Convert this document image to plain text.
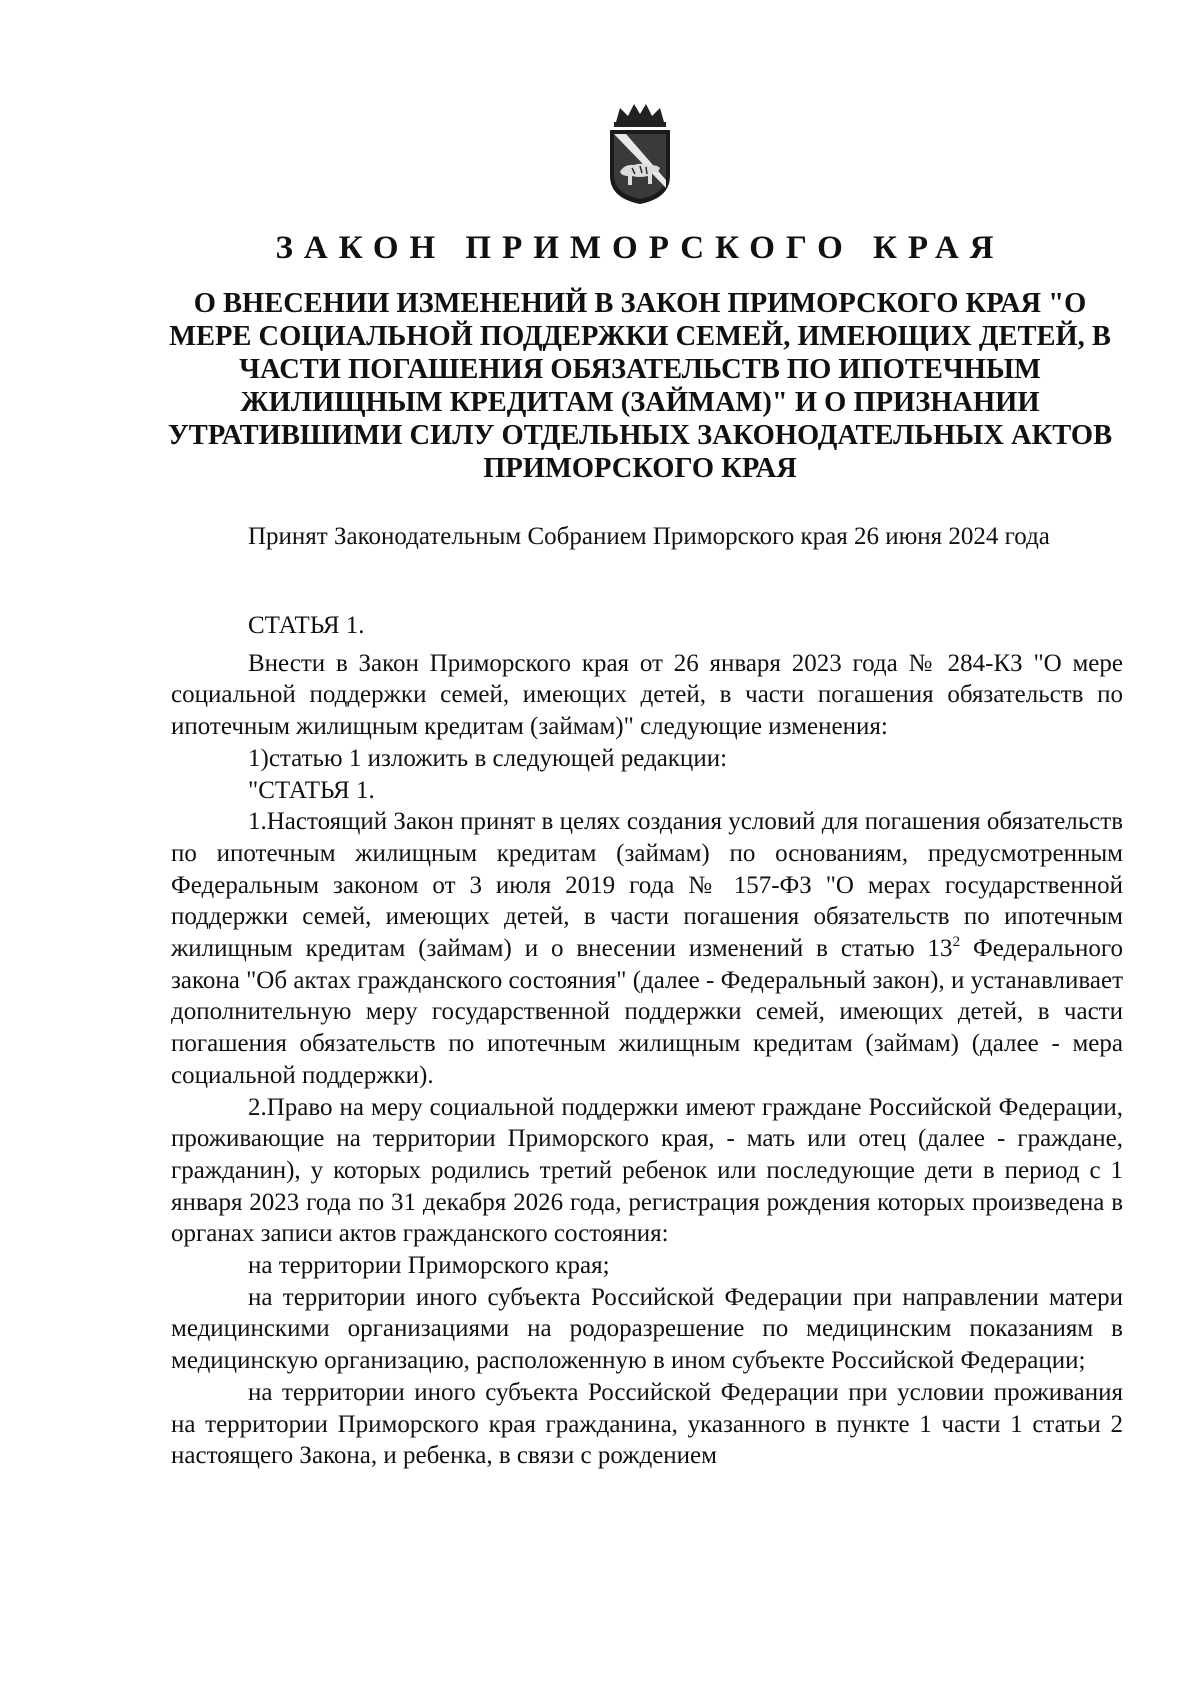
ЗАКОН ПРИМОРСКОГО КРАЯ

О ВНЕСЕНИИ ИЗМЕНЕНИЙ В ЗАКОН ПРИМОРСКОГО КРАЯ "О МЕРЕ СОЦИАЛЬНОЙ ПОДДЕРЖКИ СЕМЕЙ, ИМЕЮЩИХ ДЕТЕЙ, В ЧАСТИ ПОГАШЕНИЯ ОБЯЗАТЕЛЬСТВ ПО ИПОТЕЧНЫМ ЖИЛИЩНЫМ КРЕДИТАМ (ЗАЙМАМ)" И О ПРИЗНАНИИ УТРАТИВШИМИ СИЛУ ОТДЕЛЬНЫХ ЗАКОНОДАТЕЛЬНЫХ АКТОВ ПРИМОРСКОГО КРАЯ

Принят Законодательным Собранием Приморского края 26 июня 2024 года

СТАТЬЯ 1.

Внести в Закон Приморского края от 26 января 2023 года № 284-КЗ "О мере социальной поддержки семей, имеющих детей, в части погашения обязательств по ипотечным жилищным кредитам (займам)" следующие изменения:

1)статью 1 изложить в следующей редакции:

"СТАТЬЯ 1.

1.Настоящий Закон принят в целях создания условий для погашения обязательств по ипотечным жилищным кредитам (займам) по основаниям, предусмотренным Федеральным законом от 3 июля 2019 года № 157-ФЗ "О мерах государственной поддержки семей, имеющих детей, в части погашения обязательств по ипотечным жилищным кредитам (займам) и о внесении изменений в статью $13^2$ Федерального закона "Об актах гражданского состояния" (далее - Федеральный закон), и устанавливает дополнительную меру государственной поддержки семей, имеющих детей, в части погашения обязательств по ипотечным жилищным кредитам (займам) (далее - мера социальной поддержки).

2.Право на меру социальной поддержки имеют граждане Российской Федерации, проживающие на территории Приморского края, - мать или отец (далее - граждане, гражданин), у которых родились третий ребенок или последующие дети в период с 1 января 2023 года по 31 декабря 2026 года, регистрация рождения которых произведена в органах записи актов гражданского состояния:

на территории Приморского края;

на территории иного субъекта Российской Федерации при направлении матери медицинскими организациями на родоразрешение по медицинским показаниям в медицинскую организацию, расположенную в ином субъекте Российской Федерации;

на территории иного субъекта Российской Федерации при условии проживания на территории Приморского края гражданина, указанного в пункте 1 части 1 статьи 2 настоящего Закона, и ребенка, в связи с рождением
